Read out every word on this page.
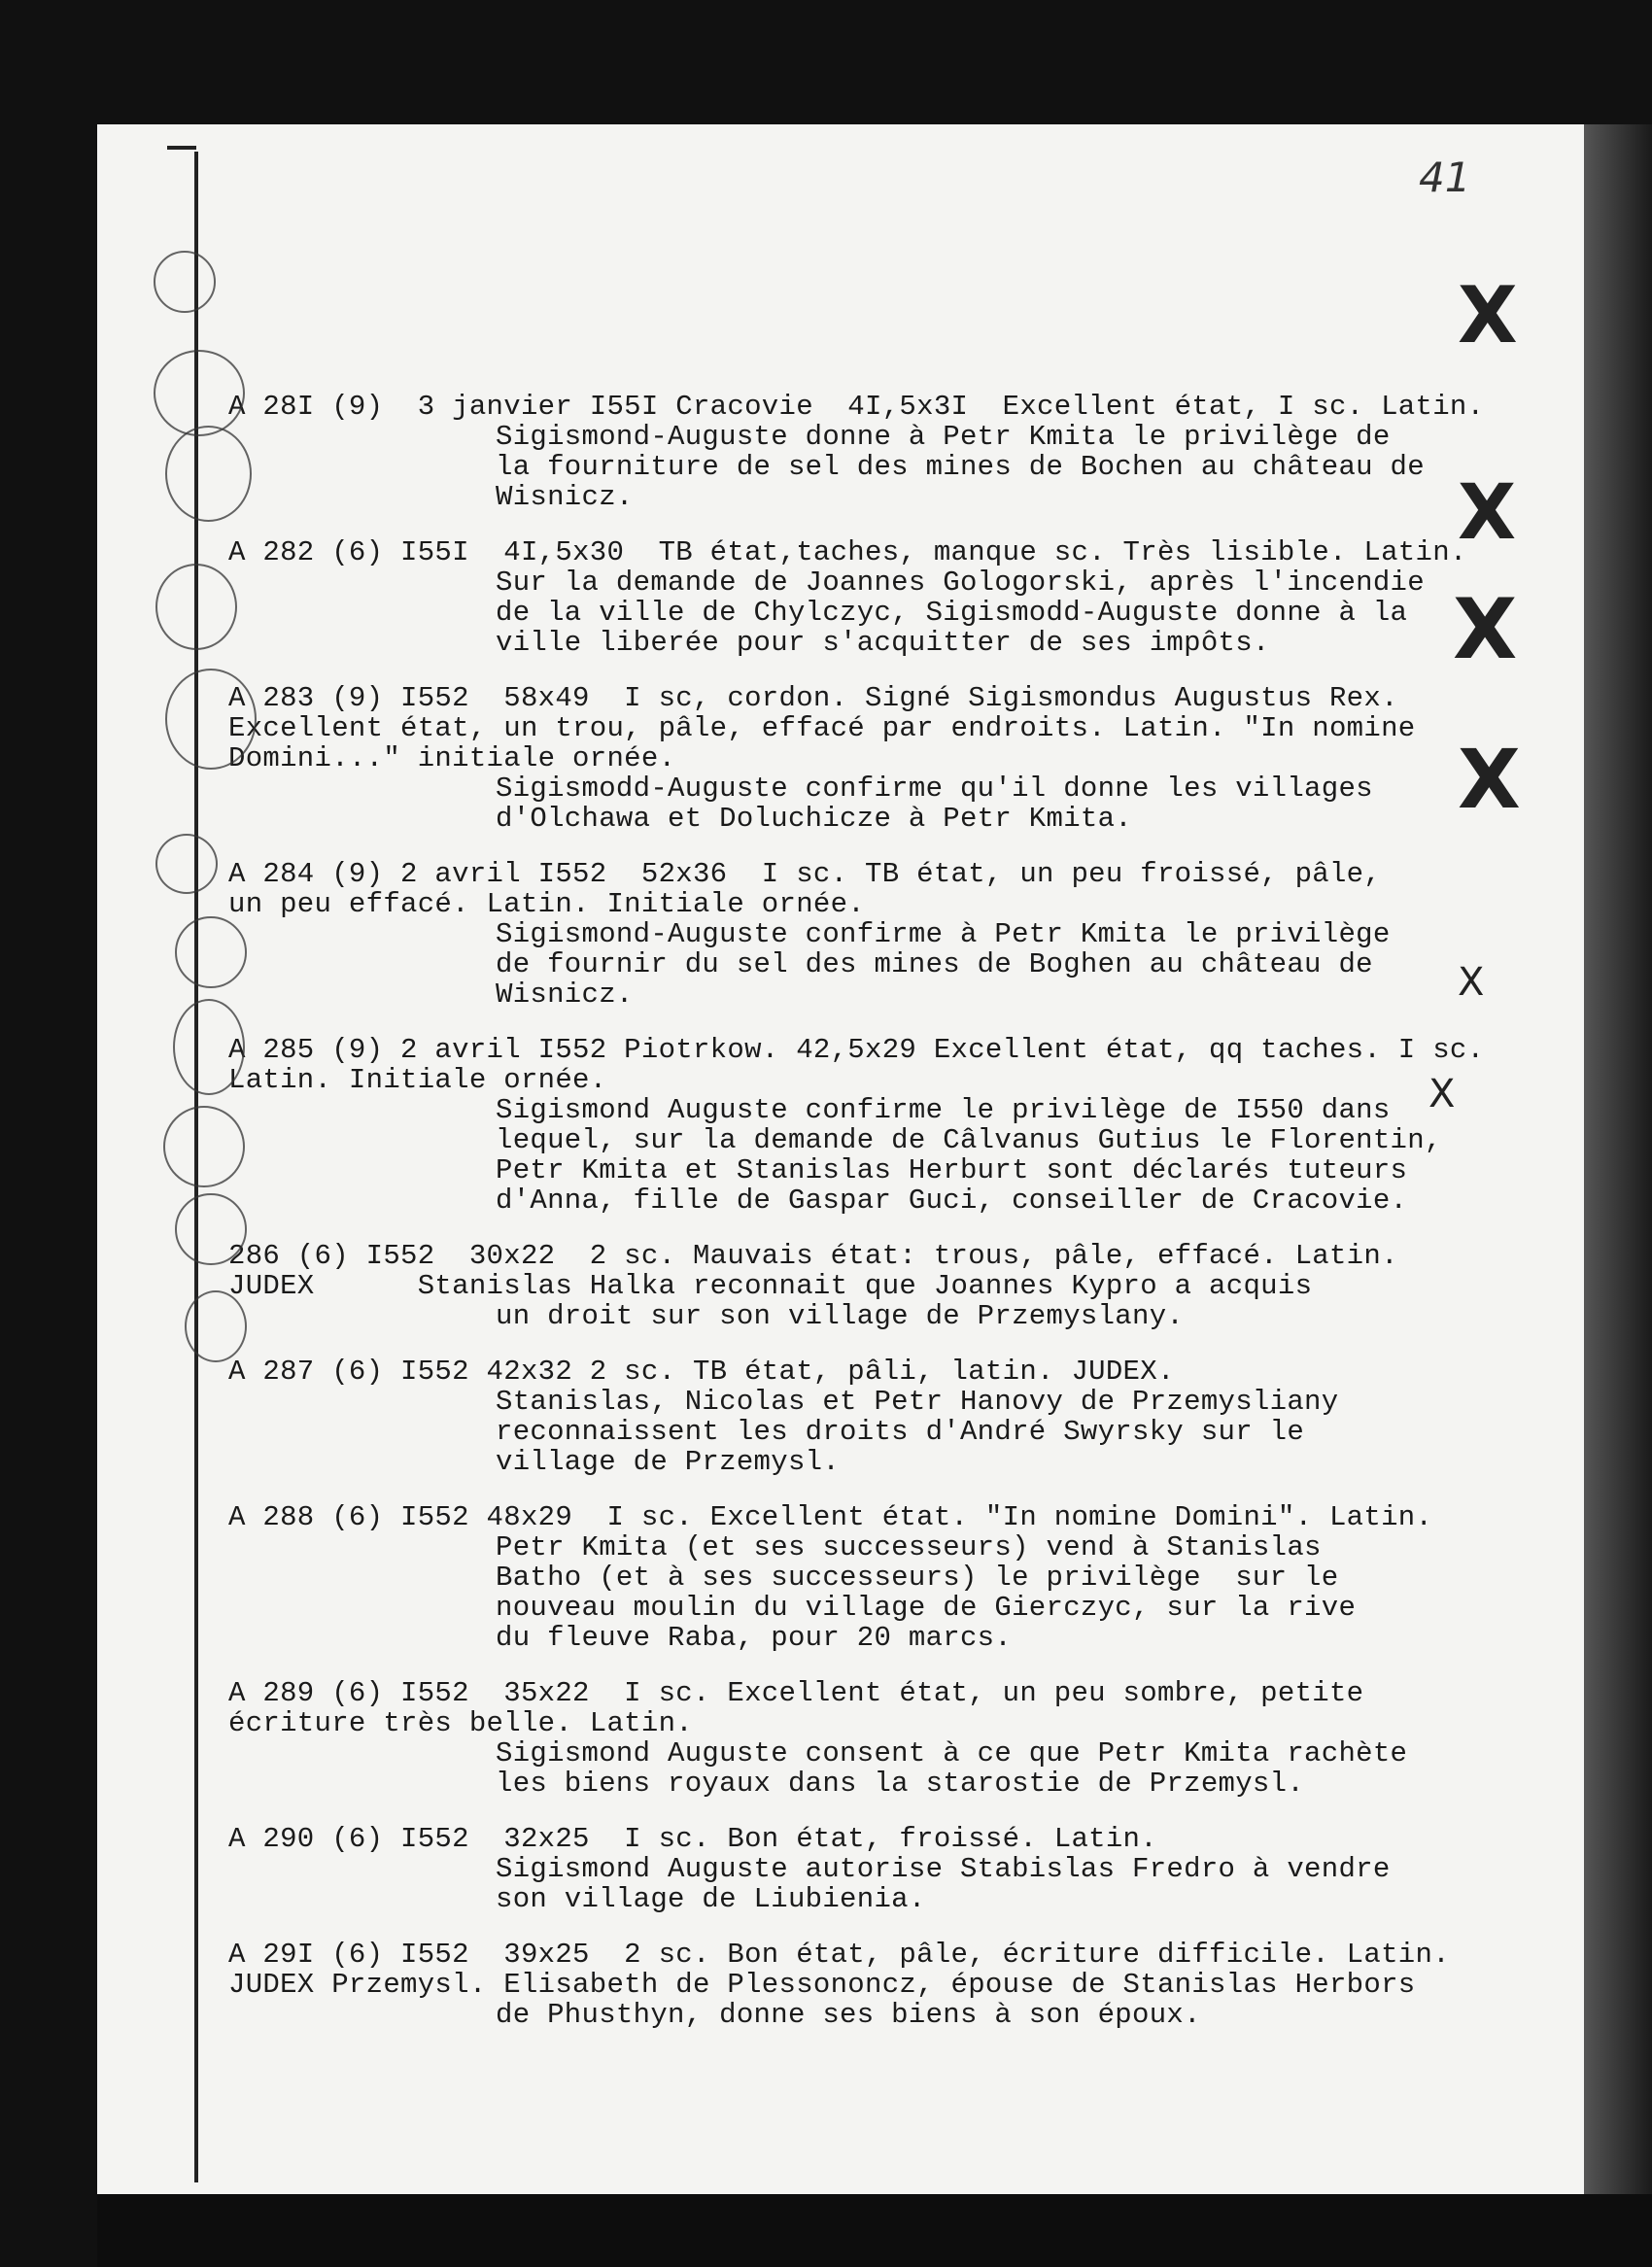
41
A 28I (9)  3 janvier I55I Cracovie  4I,5x3I  Excellent état, I sc. Latin.
Sigismond-Auguste donne à Petr Kmita le privilège de
la fourniture de sel des mines de Bochen au château de
Wisnicz.
A 282 (6) I55I  4I,5x30  TB état,taches, manque sc. Très lisible. Latin.
Sur la demande de Joannes Gologorski, après l'incendie
de la ville de Chylczyc, Sigismodd-Auguste donne à la
ville liberée pour s'acquitter de ses impôts.
A 283 (9) I552  58x49  I sc, cordon. Signé Sigismondus Augustus Rex.
Excellent état, un trou, pâle, effacé par endroits. Latin. "In nomine
Domini..." initiale ornée.
Sigismodd-Auguste confirme qu'il donne les villages
d'Olchawa et Doluchicze à Petr Kmita.
A 284 (9) 2 avril I552  52x36  I sc. TB état, un peu froissé, pâle,
un peu effacé. Latin. Initiale ornée.
Sigismond-Auguste confirme à Petr Kmita le privilège
de fournir du sel des mines de Boghen au château de
Wisnicz.
A 285 (9) 2 avril I552 Piotrkow. 42,5x29 Excellent état, qq taches. I sc.
Latin. Initiale ornée.
Sigismond Auguste confirme le privilège de I550 dans
lequel, sur la demande de Câlvanus Gutius le Florentin,
Petr Kmita et Stanislas Herburt sont déclarés tuteurs
d'Anna, fille de Gaspar Guci, conseiller de Cracovie.
286 (6) I552  30x22  2 sc. Mauvais état: trous, pâle, effacé. Latin.
JUDEX      Stanislas Halka reconnait que Joannes Kypro a acquis
un droit sur son village de Przemyslany.
A 287 (6) I552 42x32 2 sc. TB état, pâli, latin. JUDEX.
Stanislas, Nicolas et Petr Hanovy de Przemysliany
reconnaissent les droits d'André Swyrsky sur le
village de Przemysl.
A 288 (6) I552 48x29  I sc. Excellent état. "In nomine Domini". Latin.
Petr Kmita (et ses successeurs) vend à Stanislas
Batho (et à ses successeurs) le privilège  sur le
nouveau moulin du village de Gierczyc, sur la rive
du fleuve Raba, pour 20 marcs.
A 289 (6) I552  35x22  I sc. Excellent état, un peu sombre, petite
écriture très belle. Latin.
Sigismond Auguste consent à ce que Petr Kmita rachète
les biens royaux dans la starostie de Przemysl.
A 290 (6) I552  32x25  I sc. Bon état, froissé. Latin.
Sigismond Auguste autorise Stabislas Fredro à vendre
son village de Liubienia.
A 29I (6) I552  39x25  2 sc. Bon état, pâle, écriture difficile. Latin.
JUDEX Przemysl. Elisabeth de Plessononcz, épouse de Stanislas Herbors
de Phusthyn, donne ses biens à son époux.
X
X
X
X
X
X
